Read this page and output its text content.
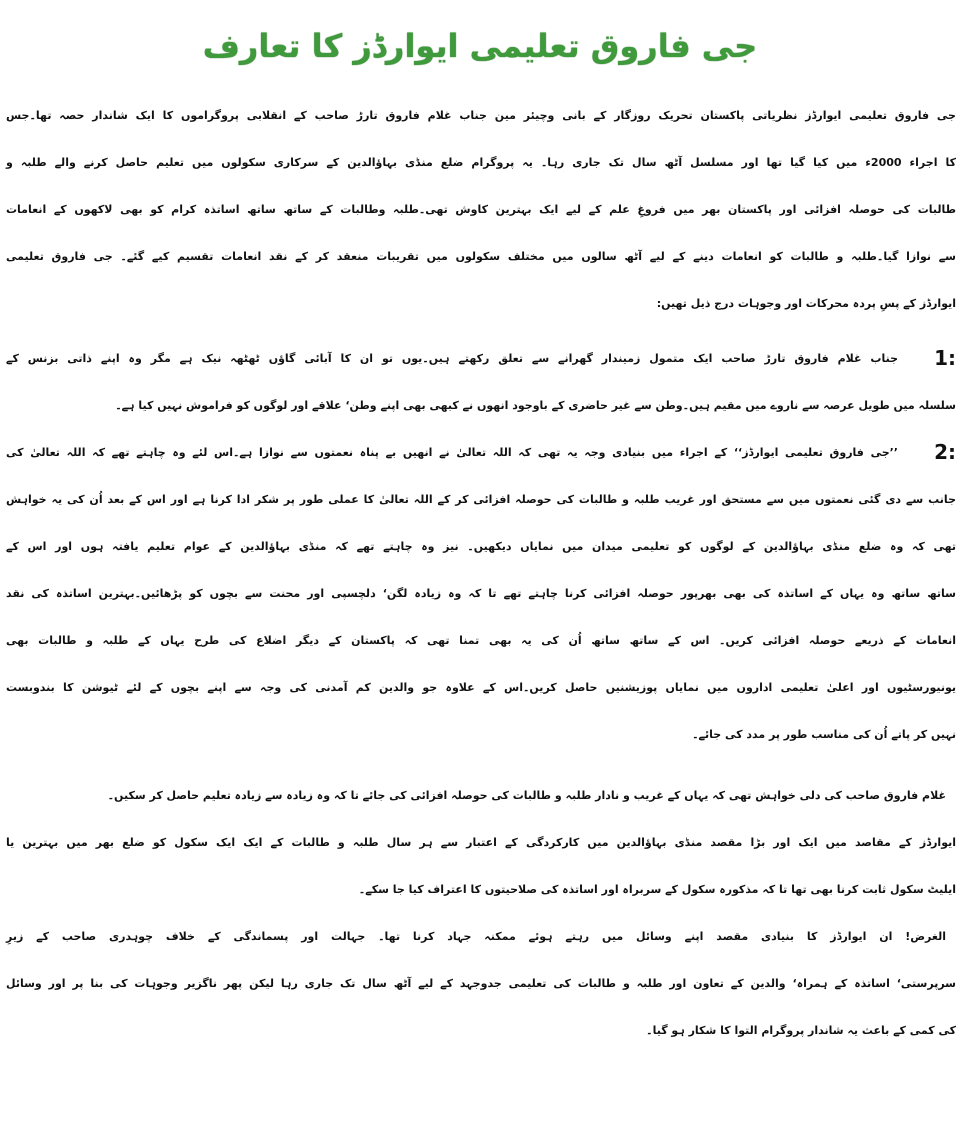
جی فاروق تعلیمی ایوارڈز کا تعارف
جی فاروق تعلیمی ایوارڈز نظریاتی پاکستان تحریک روزگار کے بانی وچیئر مین جناب غلام فاروق تارڑ صاحب کے انقلابی پروگراموں کا ایک شاندار حصہ تھا۔جس
کا اجراء 2000ء میں کیا گیا تھا اور مسلسل آٹھ سال تک جاری رہا۔ یہ پروگرام ضلع منڈی بہاؤالدین کے سرکاری سکولوں میں تعلیم حاصل کرنے والے طلبہ و
طالبات کی حوصلہ افزائی اور پاکستان بھر میں فروغِ علم کے لیے ایک بہترین کاوش تھی۔طلبہ وطالبات کے ساتھ ساتھ اساتذہ کرام کو بھی لاکھوں کے انعامات
سے نوازا گیا۔طلبہ و طالبات کو انعامات دینے کے لیے آٹھ سالوں میں مختلف سکولوں میں تقریبات منعقد کر کے نقد انعامات تقسیم کیے گئے۔ جی فاروق تعلیمی
ایوارڈز کے پسِ پردہ محرکات اور وجوہات درج ذیل تھیں:
1:
جناب غلام فاروق تارڑ صاحب ایک متمول زمیندار گھرانے سے تعلق رکھتے ہیں۔یوں تو ان کا آبائی گاؤں ٹھٹھہ نیک ہے مگر وہ اپنے ذاتی بزنس کے
سلسلہ میں طویل عرصہ سے ناروے میں مقیم ہیں۔وطن سے غیر حاضری کے باوجود انھوں نے کبھی بھی اپنے وطن‘ علاقے اور لوگوں کو فراموش نہیں کیا ہے۔
2:
’’جی فاروق تعلیمی ایوارڈز‘‘ کے اجراء میں بنیادی وجہ یہ تھی کہ اللہ تعالیٰ نے انھیں بے پناہ نعمتوں سے نوازا ہے۔اس لئے وہ چاہتے تھے کہ اللہ تعالیٰ کی
جانب سے دی گئی نعمتوں میں سے مستحق اور غریب طلبہ و طالبات کی حوصلہ افزائی کر کے اللہ تعالیٰ کا عملی طور پر شکر ادا کرنا ہے اور اس کے بعد اُن کی یہ خواہش
تھی کہ وہ ضلع منڈی بہاؤالدین کے لوگوں کو تعلیمی میدان میں نمایاں دیکھیں۔ نیز وہ چاہتے تھے کہ منڈی بہاؤالدین کے عوام تعلیم یافتہ ہوں اور اس کے
ساتھ ساتھ وہ یہاں کے اساتذہ کی بھی بھرپور حوصلہ افزائی کرنا چاہتے تھے تا کہ وہ زیادہ لگن‘ دلچسپی اور محنت سے بچوں کو پڑھائیں۔بہترین اساتذہ کی نقد
انعامات کے ذریعے حوصلہ افزائی کریں۔ اس کے ساتھ ساتھ اُن کی یہ بھی تمنا تھی کہ پاکستان کے دیگر اضلاع کی طرح یہاں کے طلبہ و طالبات بھی
یونیورسٹیوں اور اعلیٰ تعلیمی اداروں میں نمایاں پوزیشنیں حاصل کریں۔اس کے علاوہ جو والدین کم آمدنی کی وجہ سے اپنے بچوں کے لئے ٹیوشن کا بندوبست
نہیں کر پاتے اُن کی مناسب طور پر مدد کی جائے۔
غلام فاروق صاحب کی دلی خواہش تھی کہ یہاں کے غریب و نادار طلبہ و طالبات کی حوصلہ افزائی کی جائے تا کہ وہ زیادہ سے زیادہ تعلیم حاصل کر سکیں۔
ایوارڈز کے مقاصد میں ایک اور بڑا مقصد منڈی بہاؤالدین میں کارکردگی کے اعتبار سے ہر سال طلبہ و طالبات کے ایک ایک سکول کو ضلع بھر میں بہترین یا
ایلیٹ سکول ثابت کرنا بھی تھا تا کہ مذکورہ سکول کے سربراہ اور اساتذہ کی صلاحیتوں کا اعتراف کیا جا سکے۔
الغرض! ان ایوارڈز کا بنیادی مقصد اپنے وسائل میں رہتے ہوئے ممکنہ جہاد کرنا تھا۔ جہالت اور پسماندگی کے خلاف چوہدری صاحب کے زیرِ
سرپرستی‘ اساتذہ کے ہمراہ‘ والدین کے تعاون اور طلبہ و طالبات کی تعلیمی جدوجہد کے لیے آٹھ سال تک جاری رہا لیکن پھر ناگزیر وجوہات کی بنا پر اور وسائل
کی کمی کے باعث یہ شاندار پروگرام التوا کا شکار ہو گیا۔
